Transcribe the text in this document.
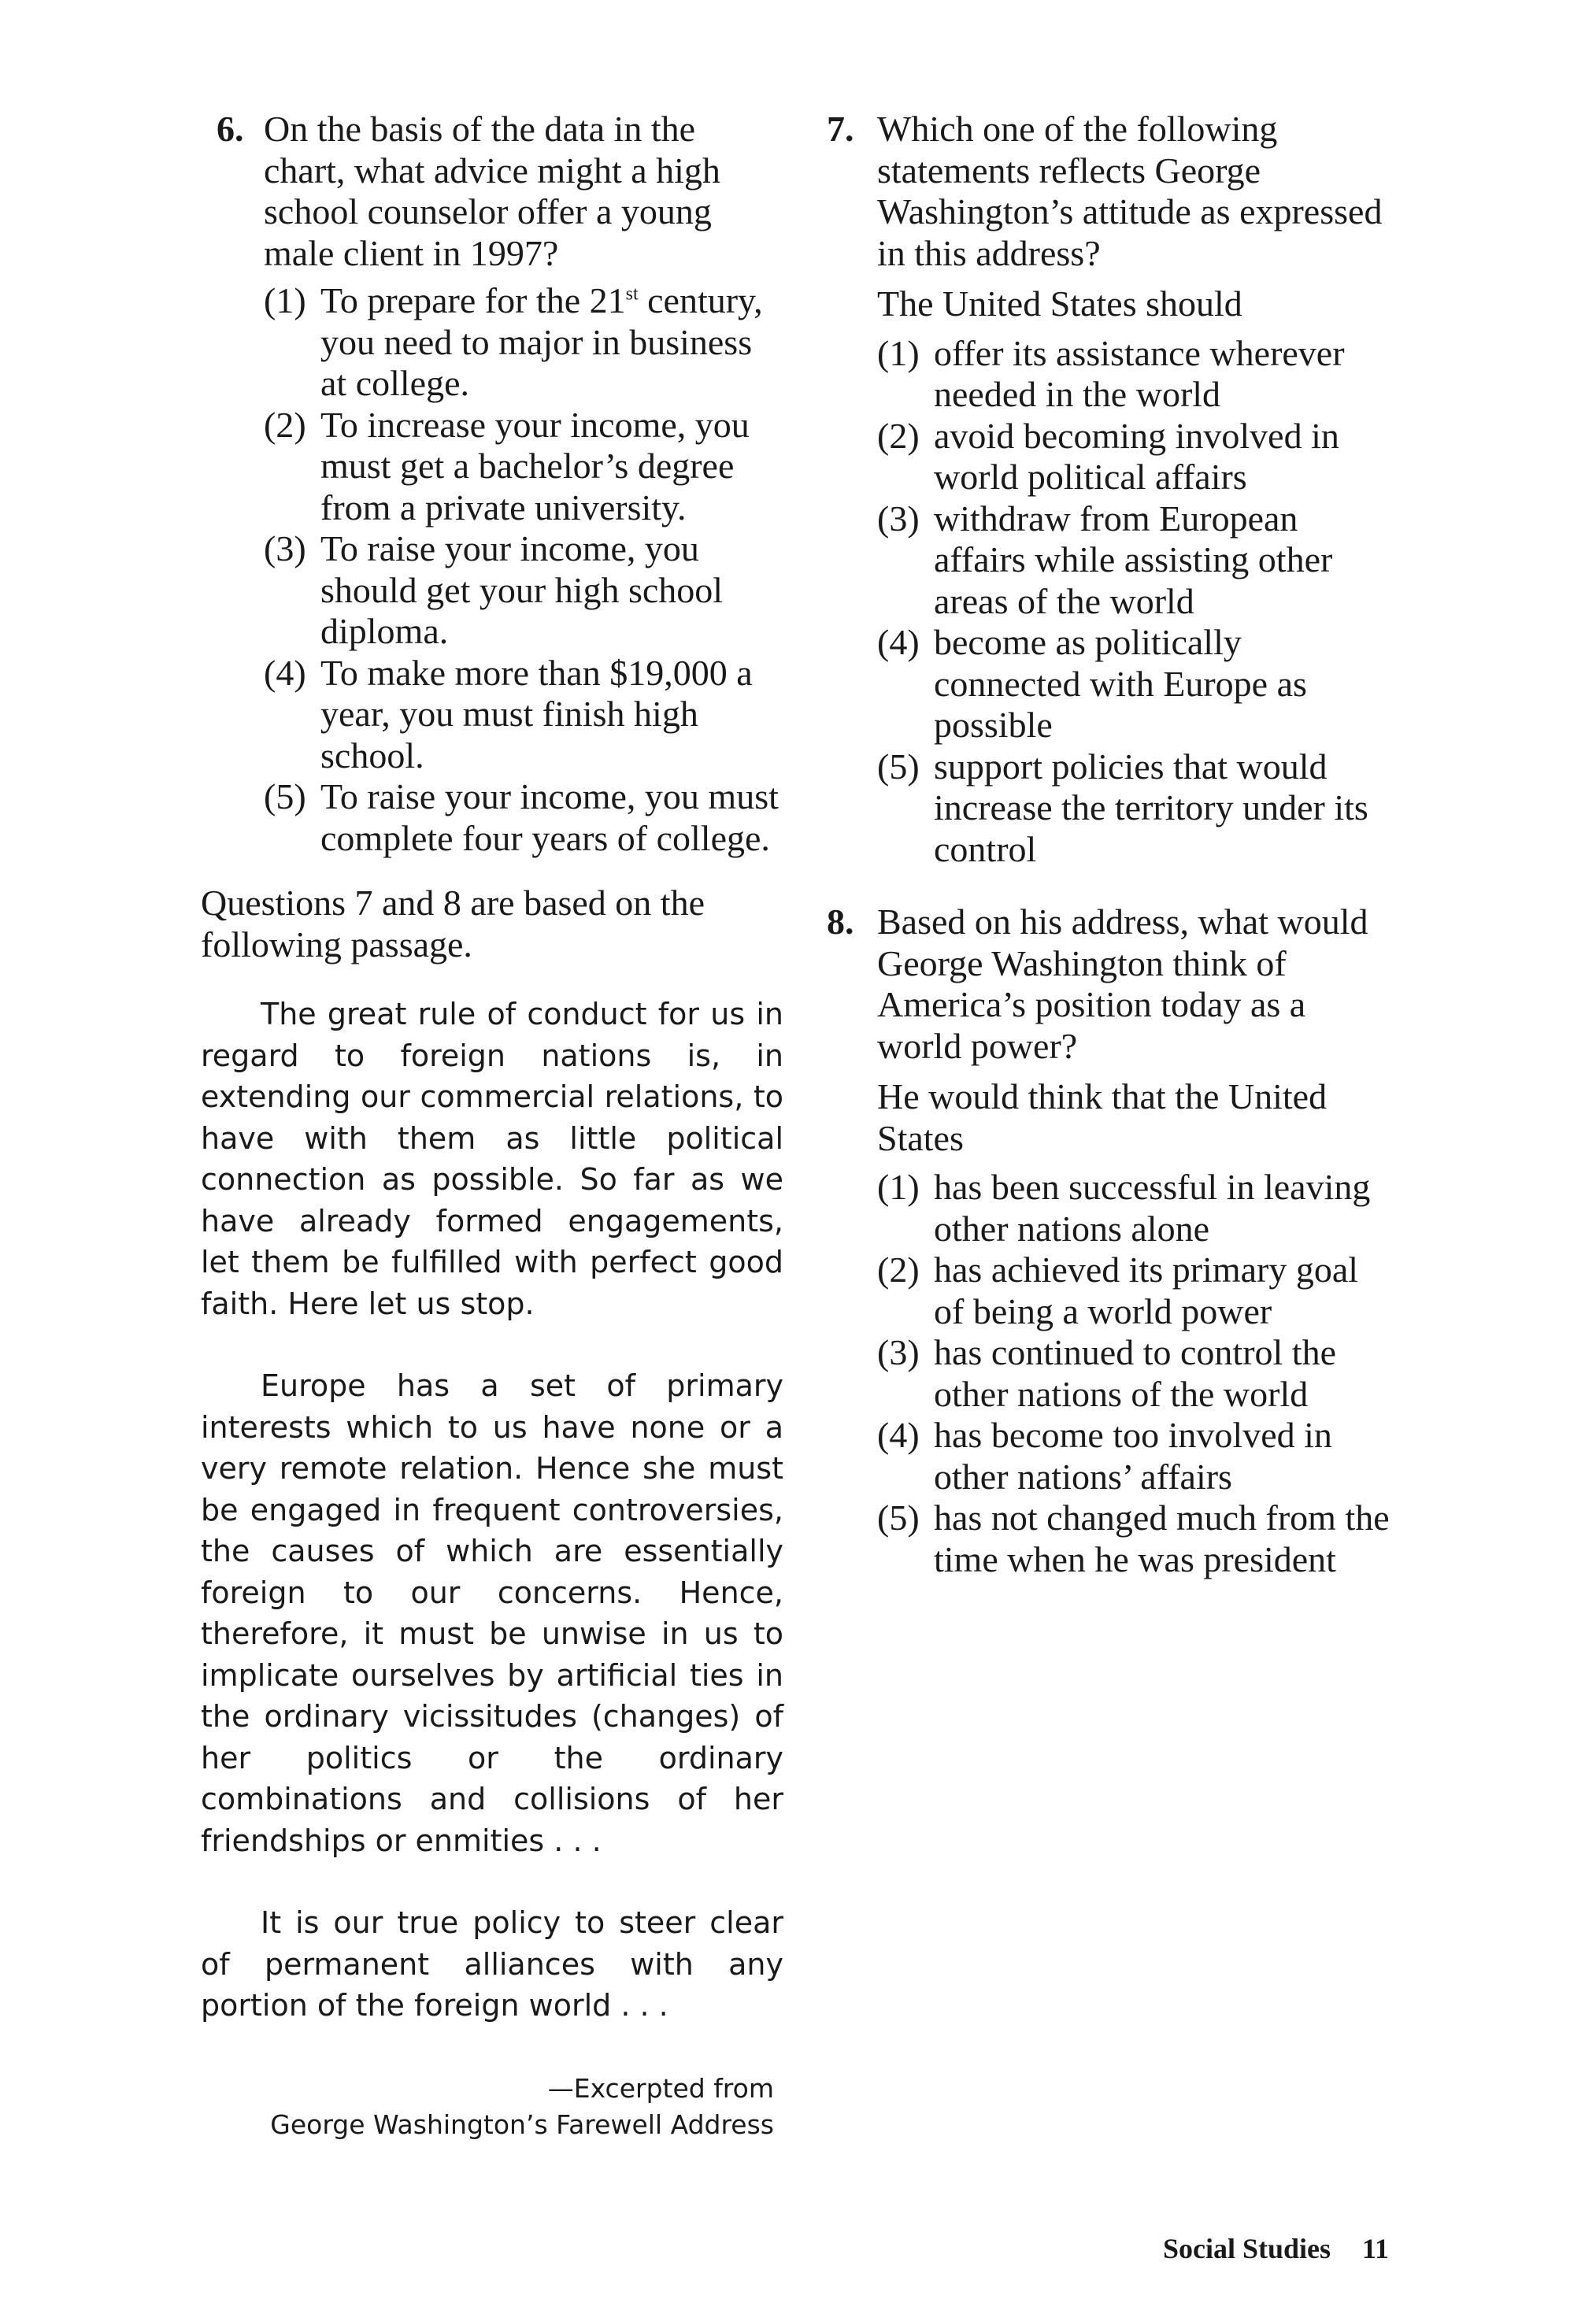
6. On the basis of the data in the chart, what advice might a high school counselor offer a young male client in 1997?

(1) To prepare for the 21st century, you need to major in business at college.
(2) To increase your income, you must get a bachelor’s degree from a private university.
(3) To raise your income, you should get your high school diploma.
(4) To make more than $19,000 a year, you must finish high school.
(5) To raise your income, you must complete four years of college.

Questions 7 and 8 are based on the following passage.

The great rule of conduct for us in regard to foreign nations is, in extending our commercial relations, to have with them as little political connection as possible. So far as we have already formed engagements, let them be fulfilled with perfect good faith. Here let us stop.

Europe has a set of primary interests which to us have none or a very remote relation. Hence she must be engaged in frequent controversies, the causes of which are essentially foreign to our concerns. Hence, therefore, it must be unwise in us to implicate ourselves by artificial ties in the ordinary vicissitudes (changes) of her politics or the ordinary combinations and collisions of her friendships or enmities . . .

It is our true policy to steer clear of permanent alliances with any portion of the foreign world . . .

—Excerpted from
George Washington’s Farewell Address
7. Which one of the following statements reflects George Washington’s attitude as expressed in this address?

The United States should

(1) offer its assistance wherever needed in the world
(2) avoid becoming involved in world political affairs
(3) withdraw from European affairs while assisting other areas of the world
(4) become as politically connected with Europe as possible
(5) support policies that would increase the territory under its control
8. Based on his address, what would George Washington think of America’s position today as a world power?

He would think that the United States

(1) has been successful in leaving other nations alone
(2) has achieved its primary goal of being a world power
(3) has continued to control the other nations of the world
(4) has become too involved in other nations’ affairs
(5) has not changed much from the time when he was president
Social Studies 11
